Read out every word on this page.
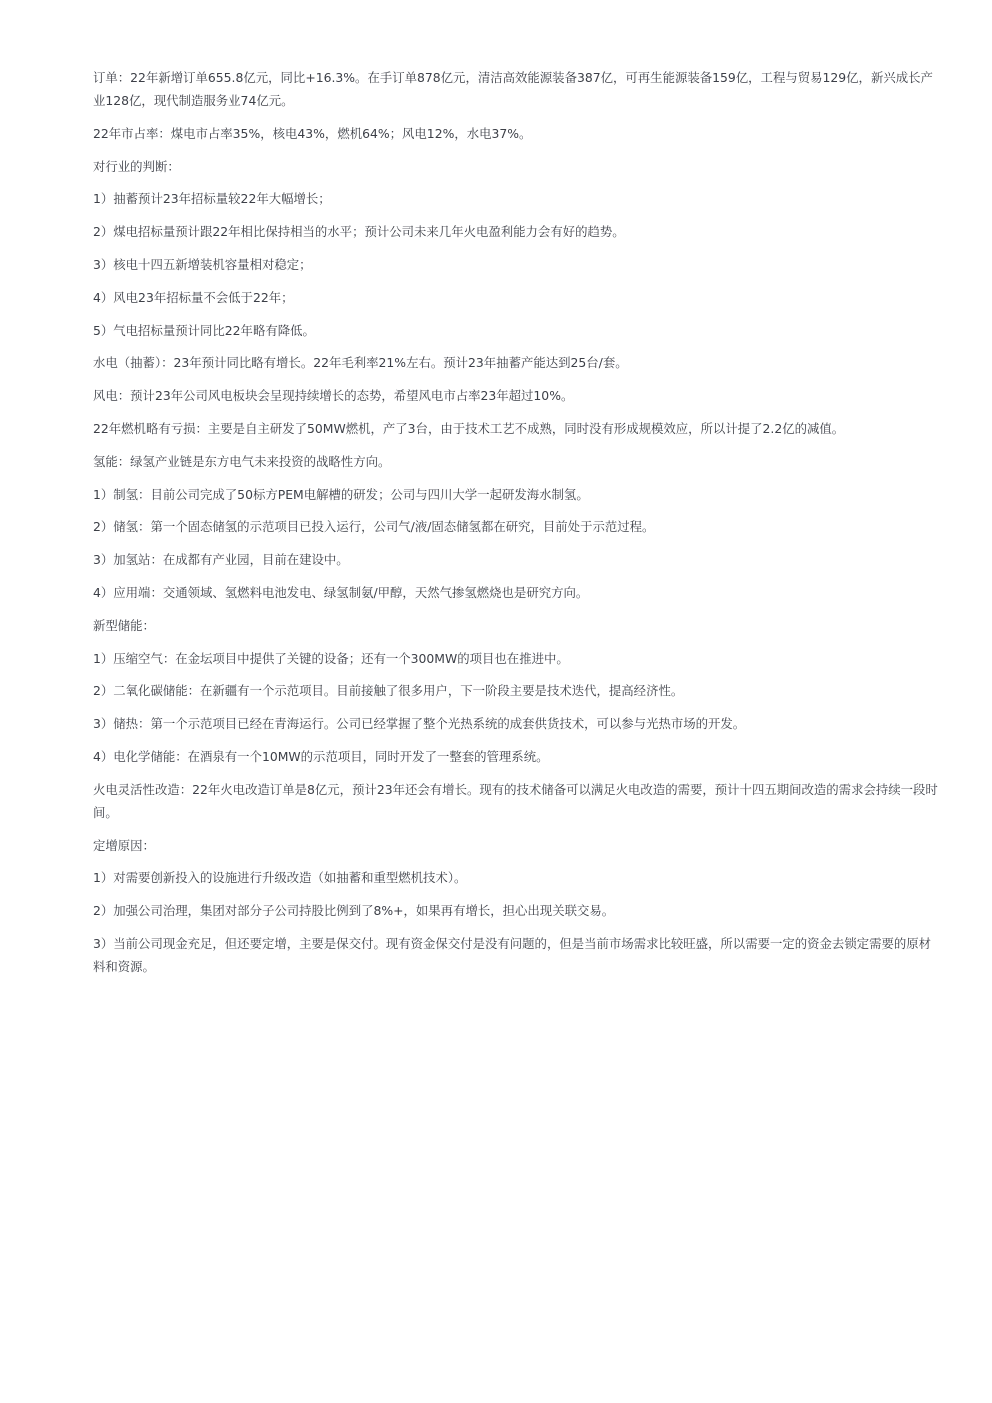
订单：22年新增订单655.8亿元，同比+16.3%。在手订单878亿元，清洁高效能源装备387亿，可再生能源装备159亿，工程与贸易129亿，新兴成长产业128亿，现代制造服务业74亿元。

22年市占率：煤电市占率35%，核电43%，燃机64%；风电12%，水电37%。

对行业的判断：

1）抽蓄预计23年招标量较22年大幅增长；

2）煤电招标量预计跟22年相比保持相当的水平；预计公司未来几年火电盈利能力会有好的趋势。

3）核电十四五新增装机容量相对稳定；

4）风电23年招标量不会低于22年；

5）气电招标量预计同比22年略有降低。

水电（抽蓄）：23年预计同比略有增长。22年毛利率21%左右。预计23年抽蓄产能达到25台/套。

风电：预计23年公司风电板块会呈现持续增长的态势，希望风电市占率23年超过10%。

22年燃机略有亏损：主要是自主研发了50MW燃机，产了3台，由于技术工艺不成熟，同时没有形成规模效应，所以计提了2.2亿的减值。

氢能：绿氢产业链是东方电气未来投资的战略性方向。

1）制氢：目前公司完成了50标方PEM电解槽的研发；公司与四川大学一起研发海水制氢。

2）储氢：第一个固态储氢的示范项目已投入运行，公司气/液/固态储氢都在研究，目前处于示范过程。

3）加氢站：在成都有产业园，目前在建设中。

4）应用端：交通领域、氢燃料电池发电、绿氢制氨/甲醇，天然气掺氢燃烧也是研究方向。

新型储能：

1）压缩空气：在金坛项目中提供了关键的设备；还有一个300MW的项目也在推进中。

2）二氧化碳储能：在新疆有一个示范项目。目前接触了很多用户，下一阶段主要是技术迭代，提高经济性。

3）储热：第一个示范项目已经在青海运行。公司已经掌握了整个光热系统的成套供货技术，可以参与光热市场的开发。

4）电化学储能：在酒泉有一个10MW的示范项目，同时开发了一整套的管理系统。

火电灵活性改造：22年火电改造订单是8亿元，预计23年还会有增长。现有的技术储备可以满足火电改造的需要，预计十四五期间改造的需求会持续一段时间。

定增原因：

1）对需要创新投入的设施进行升级改造（如抽蓄和重型燃机技术）。

2）加强公司治理，集团对部分子公司持股比例到了8%+，如果再有增长，担心出现关联交易。

3）当前公司现金充足，但还要定增，主要是保交付。现有资金保交付是没有问题的，但是当前市场需求比较旺盛，所以需要一定的资金去锁定需要的原材料和资源。
